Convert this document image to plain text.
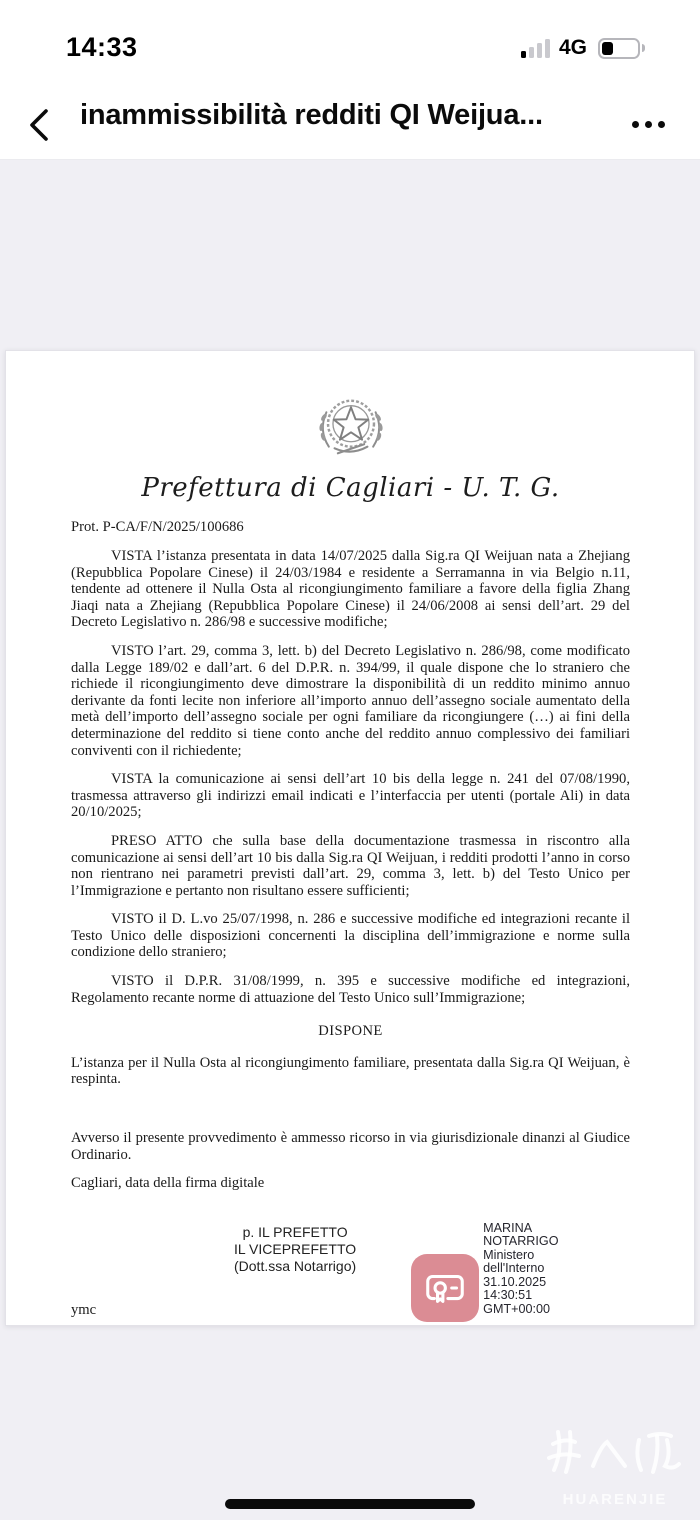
14:33	4G
inammissibilità redditi QI Weijua...
Prefettura di Cagliari - U. T. G.
Prot. P-CA/F/N/2025/100686

VISTA l’istanza presentata in data 14/07/2025 dalla Sig.ra QI Weijuan nata a Zhejiang (Repubblica Popolare Cinese) il 24/03/1984 e residente a Serramanna in via Belgio n.11, tendente ad ottenere il Nulla Osta al ricongiungimento familiare a favore della figlia Zhang Jiaqi nata a Zhejiang (Repubblica Popolare Cinese) il 24/06/2008 ai sensi dell’art. 29 del Decreto Legislativo n. 286/98 e successive modifiche;

VISTO l’art. 29, comma 3, lett. b) del Decreto Legislativo n. 286/98, come modificato dalla Legge 189/02 e dall’art. 6 del D.P.R. n. 394/99, il quale dispone che lo straniero che richiede il ricongiungimento deve dimostrare la disponibilità di un reddito minimo annuo derivante da fonti lecite non inferiore all’importo annuo dell’assegno sociale aumentato della metà dell’importo dell’assegno sociale per ogni familiare da ricongiungere (…) ai fini della determinazione del reddito si tiene conto anche del reddito annuo complessivo dei familiari conviventi con il richiedente;

VISTA la comunicazione ai sensi dell’art 10 bis della legge n. 241 del 07/08/1990, trasmessa attraverso gli indirizzi email indicati e l’interfaccia per utenti (portale Ali) in data 20/10/2025;

PRESO ATTO che sulla base della documentazione trasmessa in riscontro alla comunicazione ai sensi dell’art 10 bis dalla Sig.ra QI Weijuan, i redditi prodotti l’anno in corso non rientrano nei parametri previsti dall’art. 29, comma 3, lett. b) del Testo Unico per l’Immigrazione e pertanto non risultano essere sufficienti;

VISTO il D. L.vo 25/07/1998, n. 286 e successive modifiche ed integrazioni recante il Testo Unico delle disposizioni concernenti la disciplina dell’immigrazione e norme sulla condizione dello straniero;

VISTO il D.P.R. 31/08/1999, n. 395 e successive modifiche ed integrazioni, Regolamento recante norme di attuazione del Testo Unico sull’Immigrazione;

DISPONE

L’istanza per il Nulla Osta al ricongiungimento familiare, presentata dalla Sig.ra QI Weijuan, è respinta.

Avverso il presente provvedimento è ammesso ricorso in via giurisdizionale dinanzi al Giudice Ordinario.

Cagliari, data della firma digitale

p. IL PREFETTO
IL VICEPREFETTO
(Dott.ssa Notarrigo)
MARINA
NOTARRIGO
Ministero
dell'Interno
31.10.2025
14:30:51
GMT+00:00
ymc
HUARENJIE
